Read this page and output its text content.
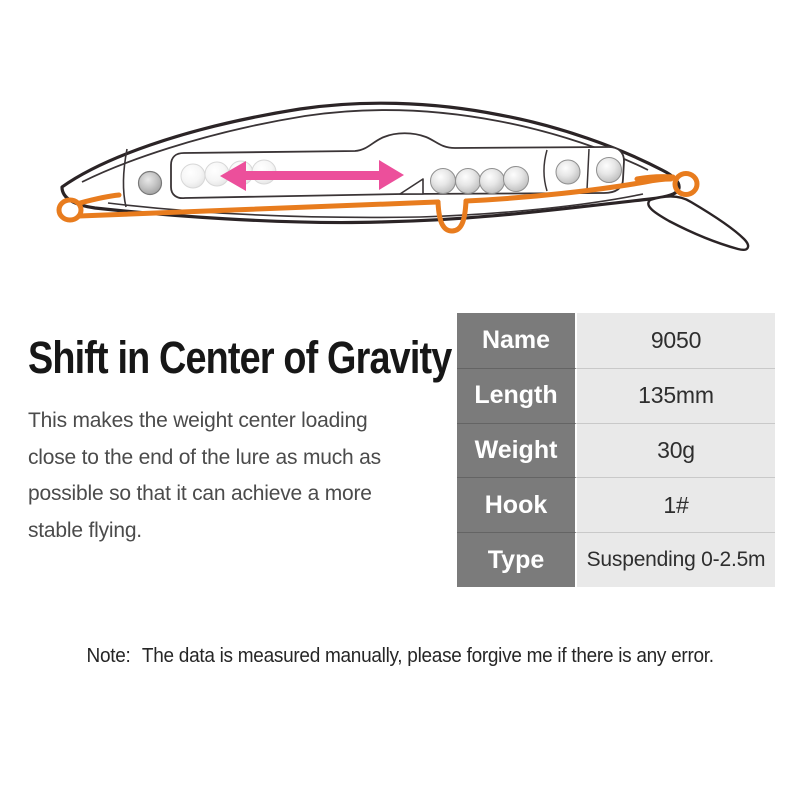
Shift in Center of Gravity
This makes the weight center loading
close to the end of the lure as much as
possible so that it can achieve a more
stable flying.
Name	9050
Length	135mm
Weight	30g
Hook	1#
Type	Suspending 0-2.5m
Note: The data is measured manually, please forgive me if there is any error.
